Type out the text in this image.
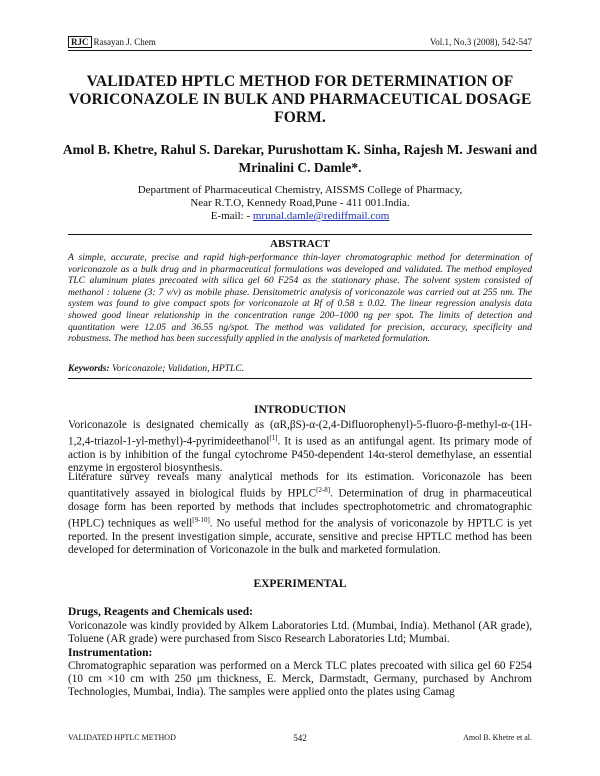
RJC Rasayan J. Chem	Vol.1, No.3 (2008), 542-547
VALIDATED HPTLC METHOD FOR DETERMINATION OF VORICONAZOLE IN BULK AND PHARMACEUTICAL DOSAGE FORM.
Amol B. Khetre, Rahul S. Darekar, Purushottam K. Sinha, Rajesh M. Jeswani and Mrinalini C. Damle*.
Department of Pharmaceutical Chemistry, AISSMS College of Pharmacy,
Near R.T.O, Kennedy Road,Pune - 411 001.India.
E-mail: - mrunal.damle@rediffmail.com
ABSTRACT
A simple, accurate, precise and rapid high-performance thin-layer chromatographic method for determination of voriconazole as a bulk drug and in pharmaceutical formulations was developed and validated. The method employed TLC aluminum plates precoated with silica gel 60 F254 as the stationary phase. The solvent system consisted of methanol : toluene (3: 7 v/v) as mobile phase. Densitometric analysis of voriconazole was carried out at 255 nm. The system was found to give compact spots for voriconazole at Rf of 0.58 ± 0.02. The linear regression analysis data showed good linear relationship in the concentration range 200–1000 ng per spot. The limits of detection and quantitation were 12.05 and 36.55 ng/spot. The method was validated for precision, accuracy, specificity and robustness. The method has been successfully applied in the analysis of marketed formulation.
Keywords: Voriconazole; Validation, HPTLC.
INTRODUCTION
Voriconazole is designated chemically as (αR,βS)-α-(2,4-Difluorophenyl)-5-fluoro-β-methyl-α-(1H-1,2,4-triazol-1-yl-methyl)-4-pyrimideethanol[1]. It is used as an antifungal agent. Its primary mode of action is by inhibition of the fungal cytochrome P450-dependent 14α-sterol demethylase, an essential enzyme in ergosterol biosynthesis.
Literature survey reveals many analytical methods for its estimation. Voriconazole has been quantitatively assayed in biological fluids by HPLC[2-8]. Determination of drug in pharmaceutical dosage form has been reported by methods that includes spectrophotometric and chromatographic (HPLC) techniques as well[9-10]. No useful method for the analysis of voriconazole by HPTLC is yet reported. In the present investigation simple, accurate, sensitive and precise HPTLC method has been developed for determination of Voriconazole in the bulk and marketed formulation.
EXPERIMENTAL
Drugs, Reagents and Chemicals used:
Voriconazole was kindly provided by Alkem Laboratories Ltd. (Mumbai, India). Methanol (AR grade), Toluene (AR grade) were purchased from Sisco Research Laboratories Ltd; Mumbai.
Instrumentation:
Chromatographic separation was performed on a Merck TLC plates precoated with silica gel 60 F254 (10 cm ×10 cm with 250 μm thickness, E. Merck, Darmstadt, Germany, purchased by Anchrom Technologies, Mumbai, India). The samples were applied onto the plates using Camag
VALIDATED HPTLC METHOD	542	Amol B. Khetre et al.
